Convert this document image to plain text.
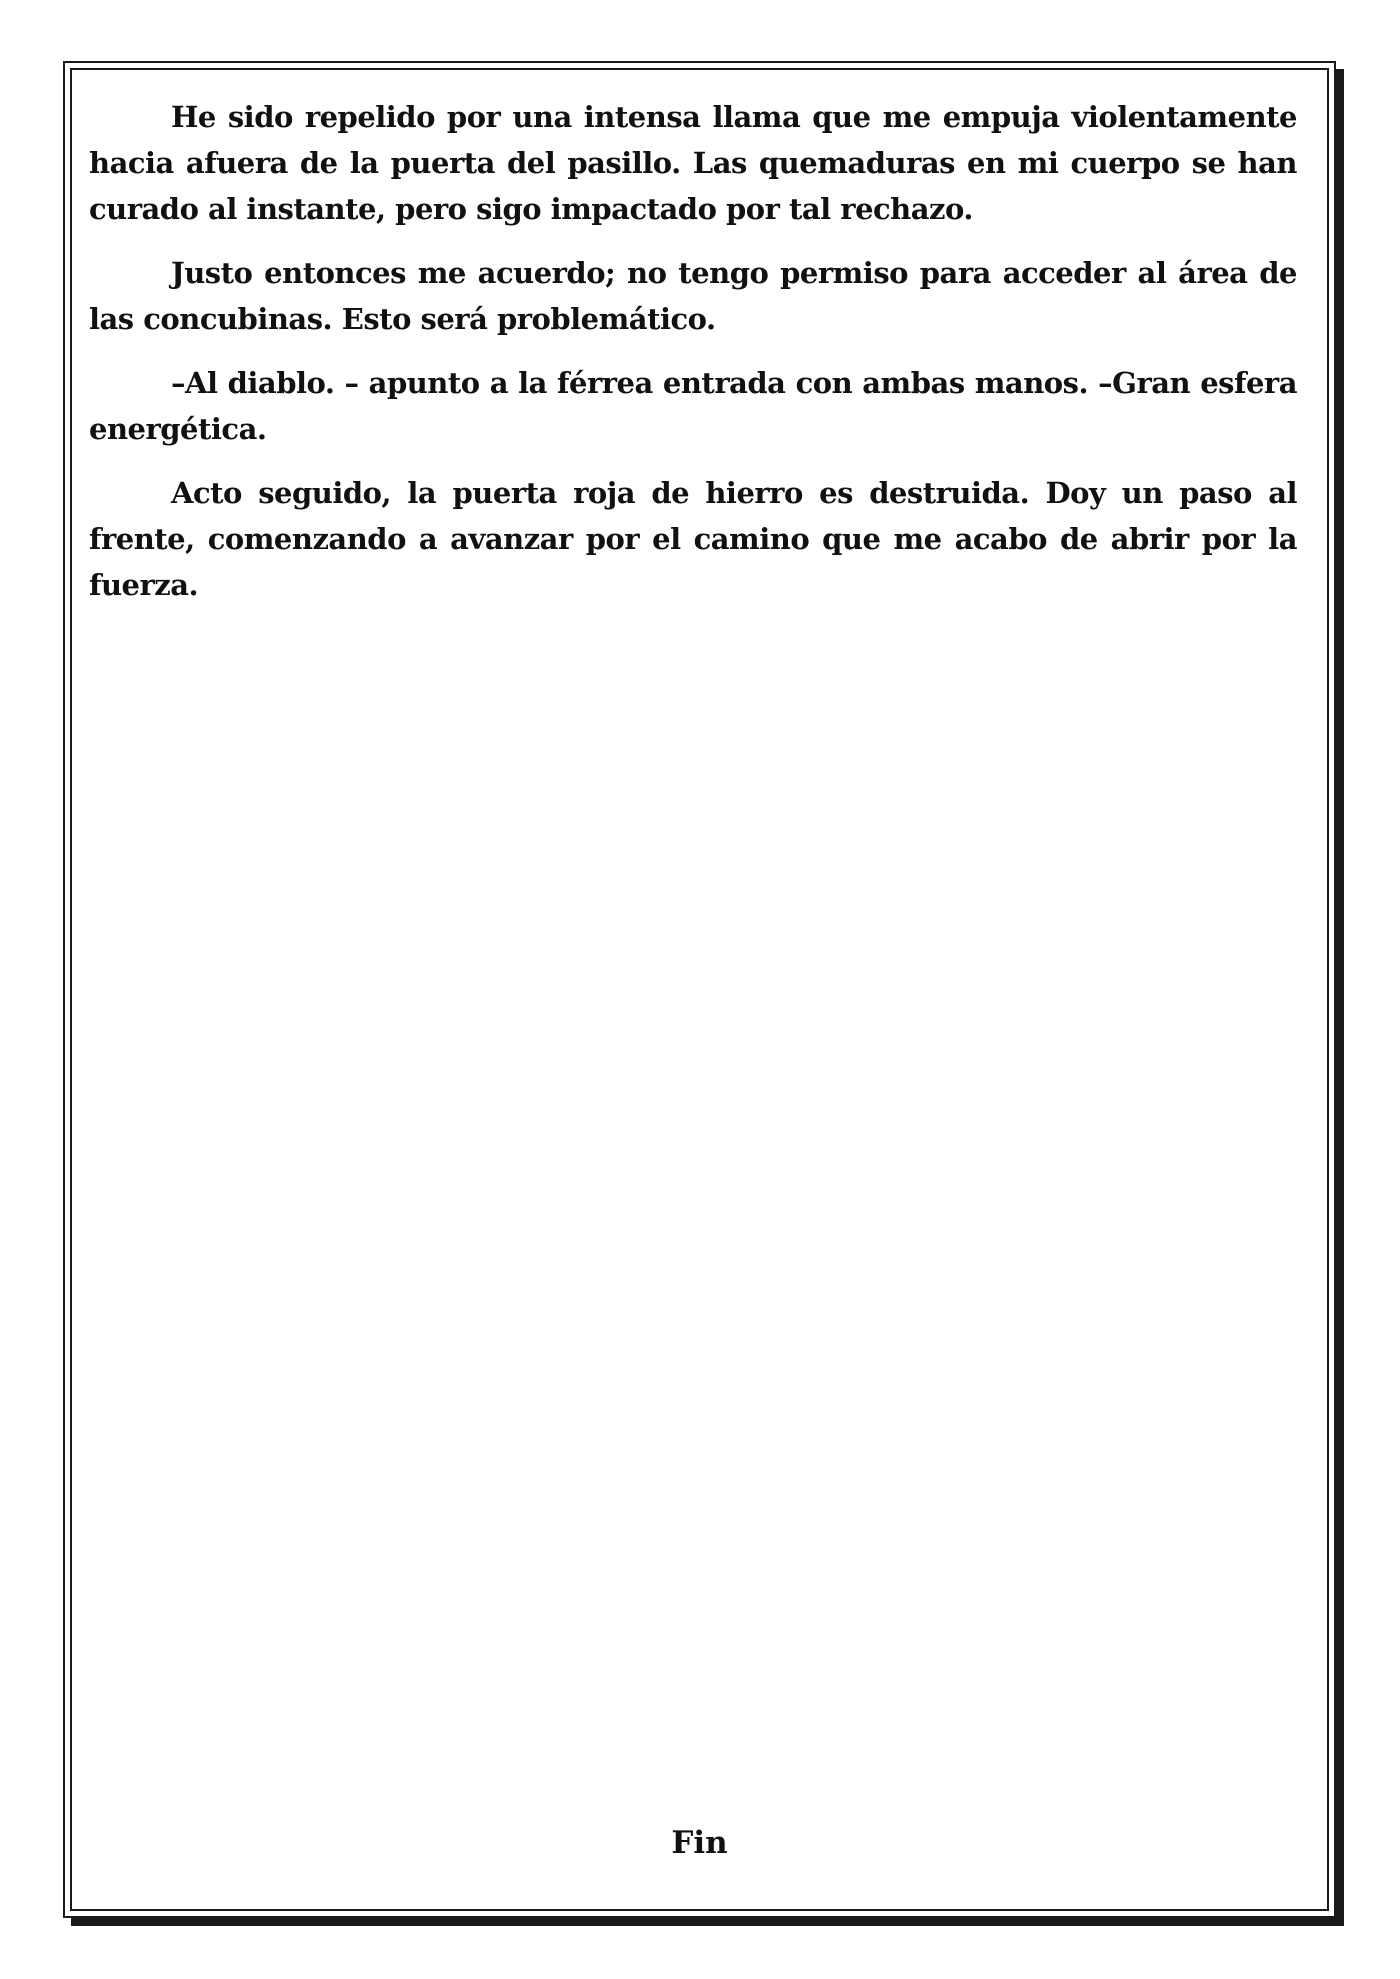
He sido repelido por una intensa llama que me empuja violentamente hacia afuera de la puerta del pasillo. Las quemaduras en mi cuerpo se han curado al instante, pero sigo impactado por tal rechazo.

Justo entonces me acuerdo; no tengo permiso para acceder al área de las concubinas. Esto será problemático.

–Al diablo. – apunto a la férrea entrada con ambas manos. –Gran esfera energética.

Acto seguido, la puerta roja de hierro es destruida. Doy un paso al frente, comenzando a avanzar por el camino que me acabo de abrir por la fuerza.

Fin
